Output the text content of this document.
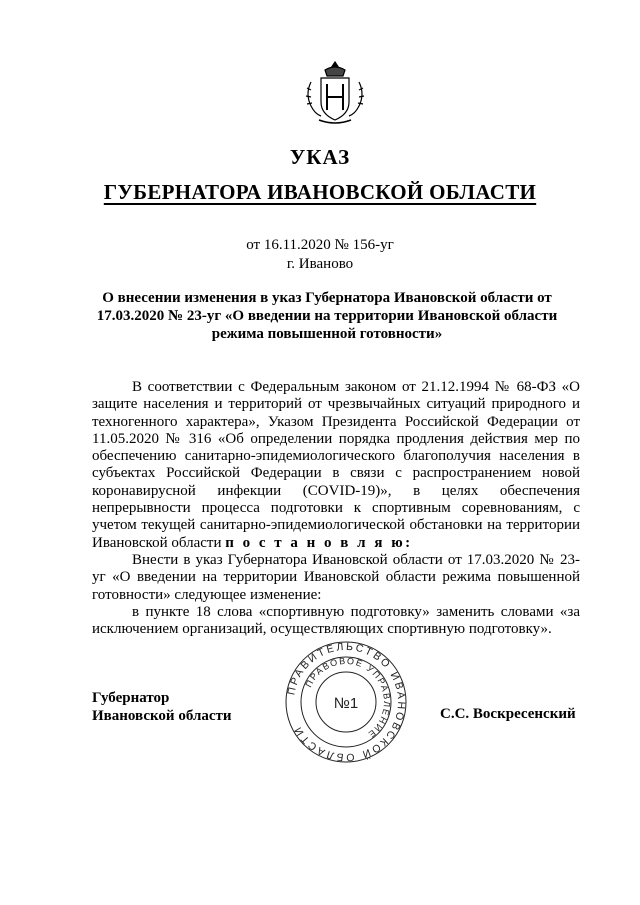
УКАЗ
ГУБЕРНАТОРА ИВАНОВСКОЙ ОБЛАСТИ
от 16.11.2020 № 156-уг
г. Иваново
О внесении изменения в указ Губернатора Ивановской области от 17.03.2020 № 23-уг «О введении на территории Ивановской области режима повышенной готовности»

В соответствии с Федеральным законом от 21.12.1994 № 68-ФЗ «О защите населения и территорий от чрезвычайных ситуаций природного и техногенного характера», Указом Президента Российской Федерации от 11.05.2020 № 316 «Об определении порядка продления действия мер по обеспечению санитарно-эпидемиологического благополучия населения в субъектах Российской Федерации в связи с распространением новой коронавирусной инфекции (COVID-19)», в целях обеспечения непрерывности процесса подготовки к спортивным соревнованиям, с учетом текущей санитарно-эпидемиологической обстановки на территории Ивановской области п о с т а н о в л я ю:

Внести в указ Губернатора Ивановской области от 17.03.2020 № 23-уг «О введении на территории Ивановской области режима повышенной готовности» следующее изменение:

в пункте 18 слова «спортивную подготовку» заменить словами «за исключением организаций, осуществляющих спортивную подготовку».

Губернатор
Ивановской области	С.С. Воскресенский
ПРАВИТЕЛЬСТВО ИВАНОВСКОЙ ОБЛАСТИ
ПРАВОВОЕ УПРАВЛЕНИЕ
№1
